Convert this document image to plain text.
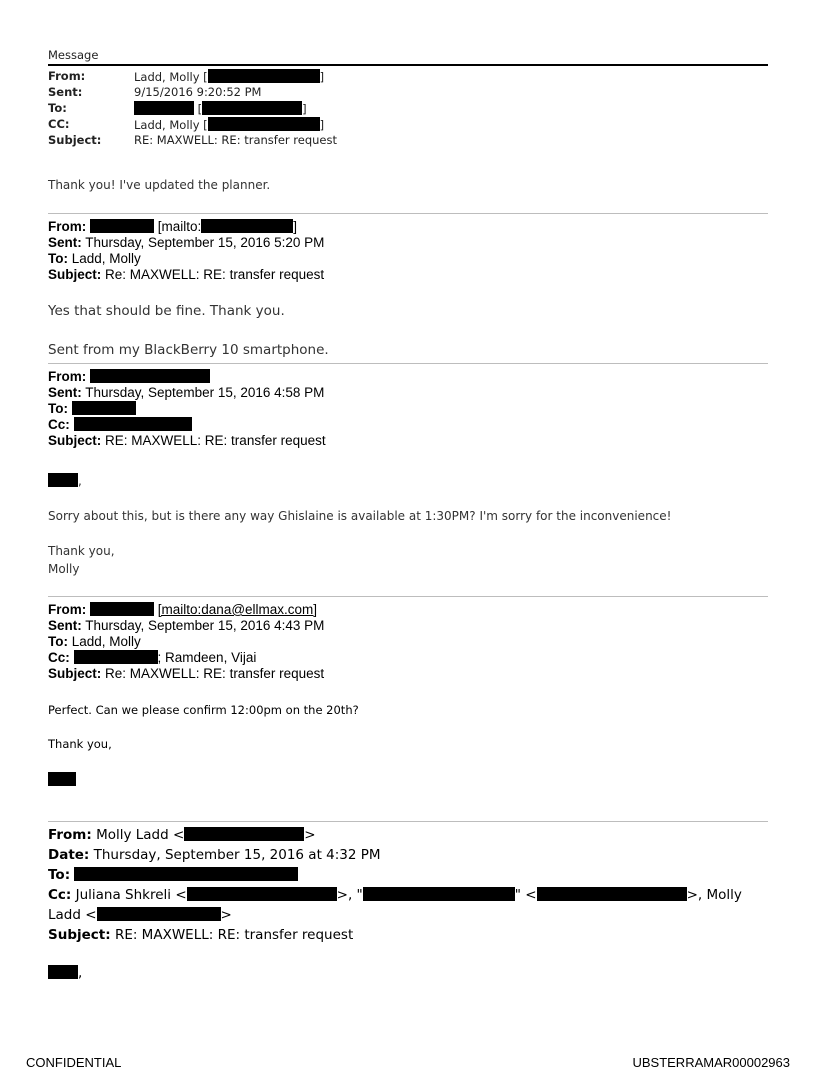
Message
From:	Ladd, Molly [	]
Sent:	9/15/2016 9:20:52 PM
To:	[	]
CC:	Ladd, Molly [	]
Subject:	RE: MAXWELL: RE: transfer request
Thank you! I've updated the planner.
From:	[mailto:	]
Sent: Thursday, September 15, 2016 5:20 PM
To: Ladd, Molly
Subject: Re: MAXWELL: RE: transfer request
Yes that should be fine. Thank you.
Sent from my BlackBerry 10 smartphone.
From:
Sent: Thursday, September 15, 2016 4:58 PM
To:
Cc:
Subject: RE: MAXWELL: RE: transfer request
,
Sorry about this, but is there any way Ghislaine is available at 1:30PM? I'm sorry for the inconvenience!
Thank you,
Molly
From:	[mailto:dana@ellmax.com]
Sent: Thursday, September 15, 2016 4:43 PM
To: Ladd, Molly
Cc:	; Ramdeen, Vijai
Subject: Re: MAXWELL: RE: transfer request
Perfect. Can we please confirm 12:00pm on the 20th?
Thank you,
From: Molly Ladd <	>
Date: Thursday, September 15, 2016 at 4:32 PM
To:
Cc: Juliana Shkreli <	>, "	" <	>, Molly
Ladd <	>
Subject: RE: MAXWELL: RE: transfer request
,
CONFIDENTIAL	UBSTERRAMAR00002963
